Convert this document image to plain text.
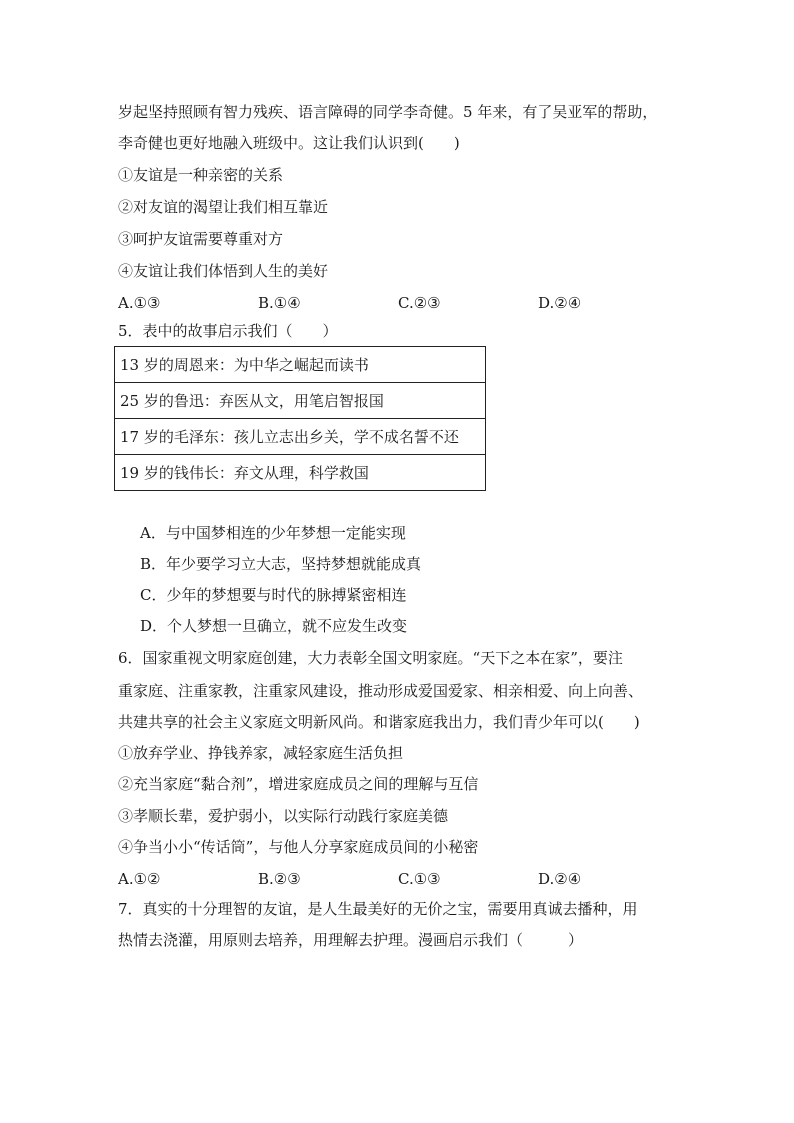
岁起坚持照顾有智力残疾、语言障碍的同学李奇健。5 年来，有了吴亚军的帮助，
李奇健也更好地融入班级中。这让我们认识到(　　)
①友谊是一种亲密的关系
②对友谊的渴望让我们相互靠近
③呵护友谊需要尊重对方
④友谊让我们体悟到人生的美好
A.①③	B.①④	C.②③	D.②④
5．表中的故事启示我们（　　）
13 岁的周恩来：为中华之崛起而读书
25 岁的鲁迅：弃医从文，用笔启智报国
17 岁的毛泽东：孩儿立志出乡关，学不成名誓不还
19 岁的钱伟长：弃文从理，科学救国
A．与中国梦相连的少年梦想一定能实现
B．年少要学习立大志，坚持梦想就能成真
C．少年的梦想要与时代的脉搏紧密相连
D．个人梦想一旦确立，就不应发生改变
6．国家重视文明家庭创建，大力表彰全国文明家庭。“天下之本在家”，要注
重家庭、注重家教，注重家风建设，推动形成爱国爱家、相亲相爱、向上向善、
共建共享的社会主义家庭文明新风尚。和谐家庭我出力，我们青少年可以(　　)
①放弃学业、挣钱养家，减轻家庭生活负担
②充当家庭“黏合剂”，增进家庭成员之间的理解与互信
③孝顺长辈，爱护弱小，以实际行动践行家庭美德
④争当小小“传话筒”，与他人分享家庭成员间的小秘密
A.①②	B.②③	C.①③	D.②④
7．真实的十分理智的友谊，是人生最美好的无价之宝，需要用真诚去播种，用
热情去浇灌，用原则去培养，用理解去护理。漫画启示我们（　　　）
